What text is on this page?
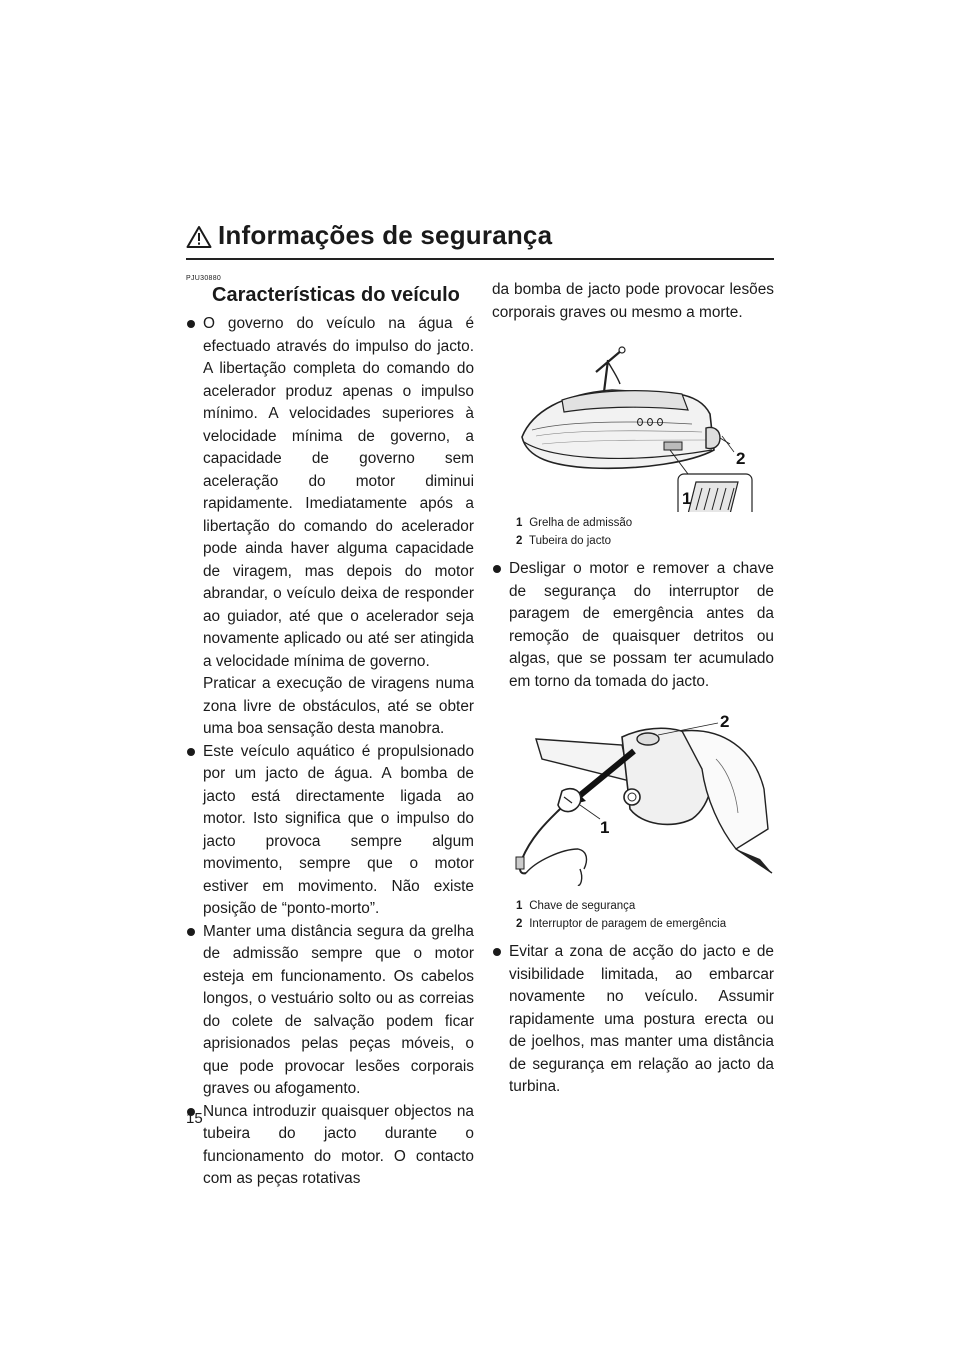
Informações de segurança
PJU30880
Características do veículo

O governo do veículo na água é efectuado através do impulso do jacto. A libertação completa do comando do acelerador produz apenas o impulso mínimo. A velocidades superiores à velocidade mínima de governo, a capacidade de governo sem aceleração do motor diminui rapidamente. Imediatamente após a libertação do comando do acelerador pode ainda haver alguma capacidade de viragem, mas depois do motor abrandar, o veículo deixa de responder ao guiador, até que o acelerador seja novamente aplicado ou até ser atingida a velocidade mínima de governo.

Praticar a execução de viragens numa zona livre de obstáculos, até se obter uma boa sensação desta manobra.

Este veículo aquático é propulsionado por um jacto de água. A bomba de jacto está directamente ligada ao motor. Isto significa que o impulso do jacto provoca sempre algum movimento, sempre que o motor estiver em movimento. Não existe posição de “ponto-morto”.

Manter uma distância segura da grelha de admissão sempre que o motor esteja em funcionamento. Os cabelos longos, o vestuário solto ou as correias do colete de salvação podem ficar aprisionados pelas peças móveis, o que pode provocar lesões corporais graves ou afogamento.

Nunca introduzir quaisquer objectos na tubeira do jacto durante o funcionamento do motor. O contacto com as peças rotativas

da bomba de jacto pode provocar lesões corporais graves ou mesmo a morte.

2
1
1 Grelha de admissão
2 Tubeira do jacto

Desligar o motor e remover a chave de segurança do interruptor de paragem de emergência antes da remoção de quaisquer detritos ou algas, que se possam ter acumulado em torno da tomada do jacto.

2
1
1 Chave de segurança
2 Interruptor de paragem de emergência

Evitar a zona de acção do jacto e de visibilidade limitada, ao embarcar novamente no veículo. Assumir rapidamente uma postura erecta ou de joelhos, mas manter uma distância de segurança em relação ao jacto da turbina.

15
